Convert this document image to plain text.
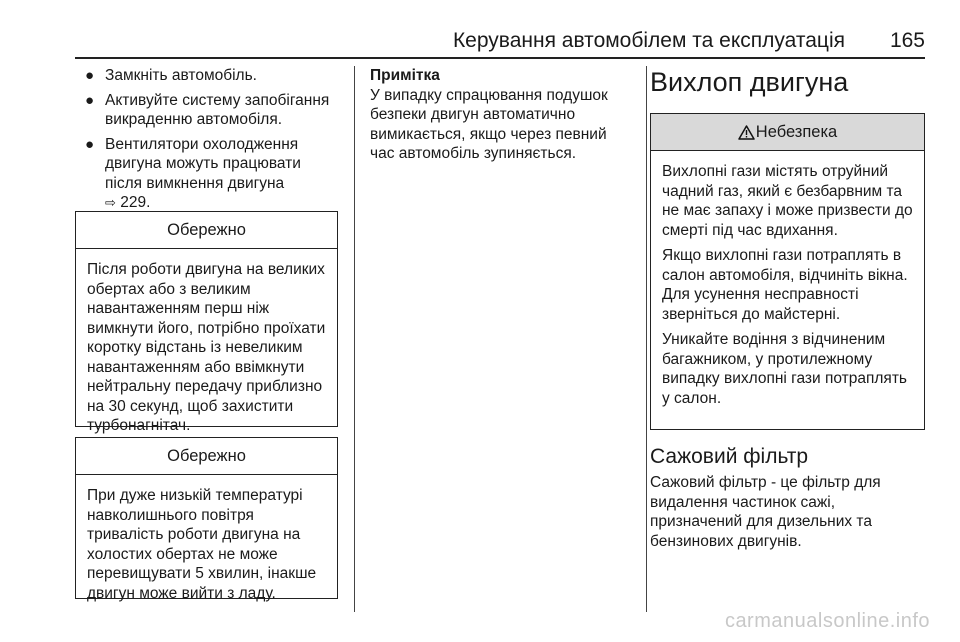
Керування автомобілем та експлуатація 165
● Замкніть автомобіль.
● Активуйте систему запобігання викраденню автомобіля.
● Вентилятори охолодження двигуна можуть працювати після вимкнення двигуна
⇨ 229.
Обережно
Після роботи двигуна на великих обертах або з великим навантаженням перш ніж вимкнути його, потрібно проїхати коротку відстань із невеликим навантаженням або ввімкнути нейтральну передачу приблизно на 30 секунд, щоб захистити турбонагнітач.
Обережно
При дуже низькій температурі навколишнього повітря тривалість роботи двигуна на холостих обертах не може перевищувати 5 хвилин, інакше двигун може вийти з ладу.
Примітка
У випадку спрацювання подушок безпеки двигун автоматично вимикається, якщо через певний час автомобіль зупиняється.
Вихлоп двигуна
Небезпека

Вихлопні гази містять отруйний чадний газ, який є безбарвним та не має запаху і може призвести до смерті під час вдихання.

Якщо вихлопні гази потраплять в салон автомобіля, відчиніть вікна. Для усунення несправності зверніться до майстерні.

Уникайте водіння з відчиненим багажником, у протилежному випадку вихлопні гази потраплять у салон.

Сажовий фільтр
Сажовий фільтр - це фільтр для видалення частинок сажі, призначений для дизельних та бензинових двигунів.
carmanualsonline.info
